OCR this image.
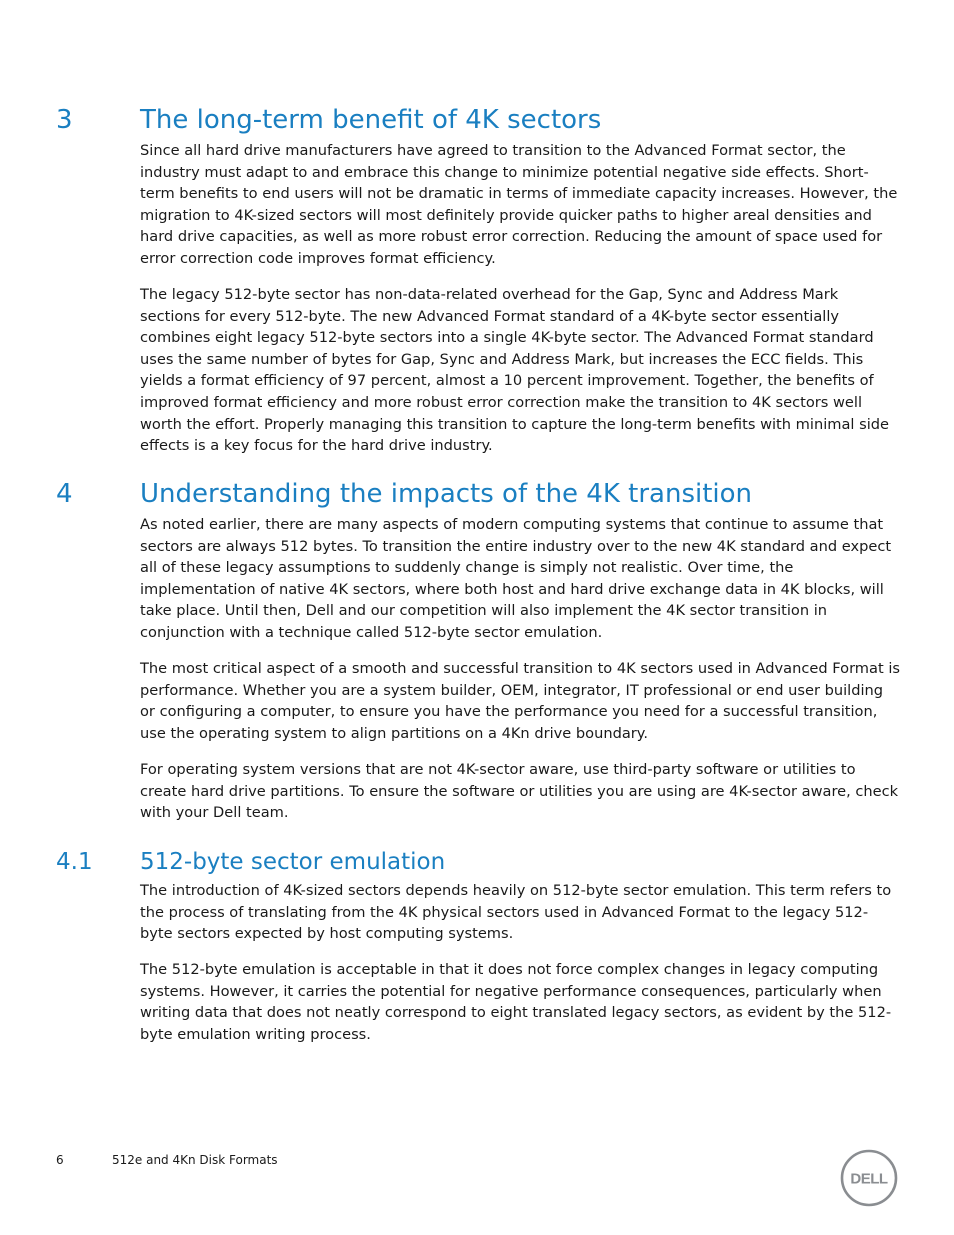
3	The long-term benefit of 4K sectors

Since all hard drive manufacturers have agreed to transition to the Advanced Format sector, the industry must adapt to and embrace this change to minimize potential negative side effects. Short-term benefits to end users will not be dramatic in terms of immediate capacity increases. However, the migration to 4K-sized sectors will most definitely provide quicker paths to higher areal densities and hard drive capacities, as well as more robust error correction. Reducing the amount of space used for error correction code improves format efficiency.

The legacy 512-byte sector has non-data-related overhead for the Gap, Sync and Address Mark sections for every 512-byte. The new Advanced Format standard of a 4K-byte sector essentially combines eight legacy 512-byte sectors into a single 4K-byte sector. The Advanced Format standard uses the same number of bytes for Gap, Sync and Address Mark, but increases the ECC fields. This yields a format efficiency of 97 percent, almost a 10 percent improvement. Together, the benefits of improved format efficiency and more robust error correction make the transition to 4K sectors well worth the effort. Properly managing this transition to capture the long-term benefits with minimal side effects is a key focus for the hard drive industry.

4	Understanding the impacts of the 4K transition

As noted earlier, there are many aspects of modern computing systems that continue to assume that sectors are always 512 bytes. To transition the entire industry over to the new 4K standard and expect all of these legacy assumptions to suddenly change is simply not realistic. Over time, the implementation of native 4K sectors, where both host and hard drive exchange data in 4K blocks, will take place. Until then, Dell and our competition will also implement the 4K sector transition in conjunction with a technique called 512-byte sector emulation.

The most critical aspect of a smooth and successful transition to 4K sectors used in Advanced Format is performance. Whether you are a system builder, OEM, integrator, IT professional or end user building or configuring a computer, to ensure you have the performance you need for a successful transition, use the operating system to align partitions on a 4Kn drive boundary.

For operating system versions that are not 4K-sector aware, use third-party software or utilities to create hard drive partitions. To ensure the software or utilities you are using are 4K-sector aware, check with your Dell team.

4.1 512-byte sector emulation

The introduction of 4K-sized sectors depends heavily on 512-byte sector emulation. This term refers to the process of translating from the 4K physical sectors used in Advanced Format to the legacy 512-byte sectors expected by host computing systems.

The 512-byte emulation is acceptable in that it does not force complex changes in legacy computing systems. However, it carries the potential for negative performance consequences, particularly when writing data that does not neatly correspond to eight translated legacy sectors, as evident by the 512-byte emulation writing process.

6	512e and 4Kn Disk Formats
DELL
